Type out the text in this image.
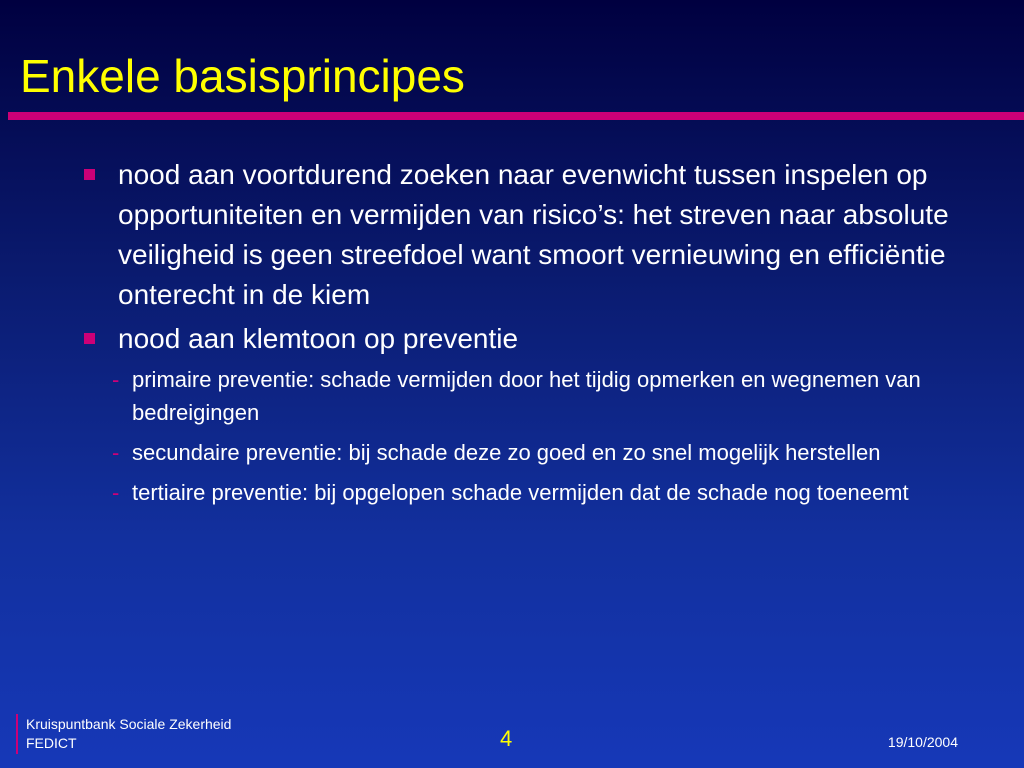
Enkele basisprincipes
nood aan voortdurend zoeken naar evenwicht tussen inspelen op opportuniteiten en vermijden van risico’s: het streven naar absolute veiligheid is geen streefdoel want smoort vernieuwing en efficiëntie onterecht in de kiem
nood aan klemtoon op preventie
- primaire preventie: schade vermijden door het tijdig opmerken en wegnemen van bedreigingen
- secundaire preventie: bij schade deze zo goed en zo snel mogelijk herstellen
- tertiaire preventie: bij opgelopen schade vermijden dat de schade nog toeneemt
Kruispuntbank Sociale Zekerheid
FEDICT	4	19/10/2004
